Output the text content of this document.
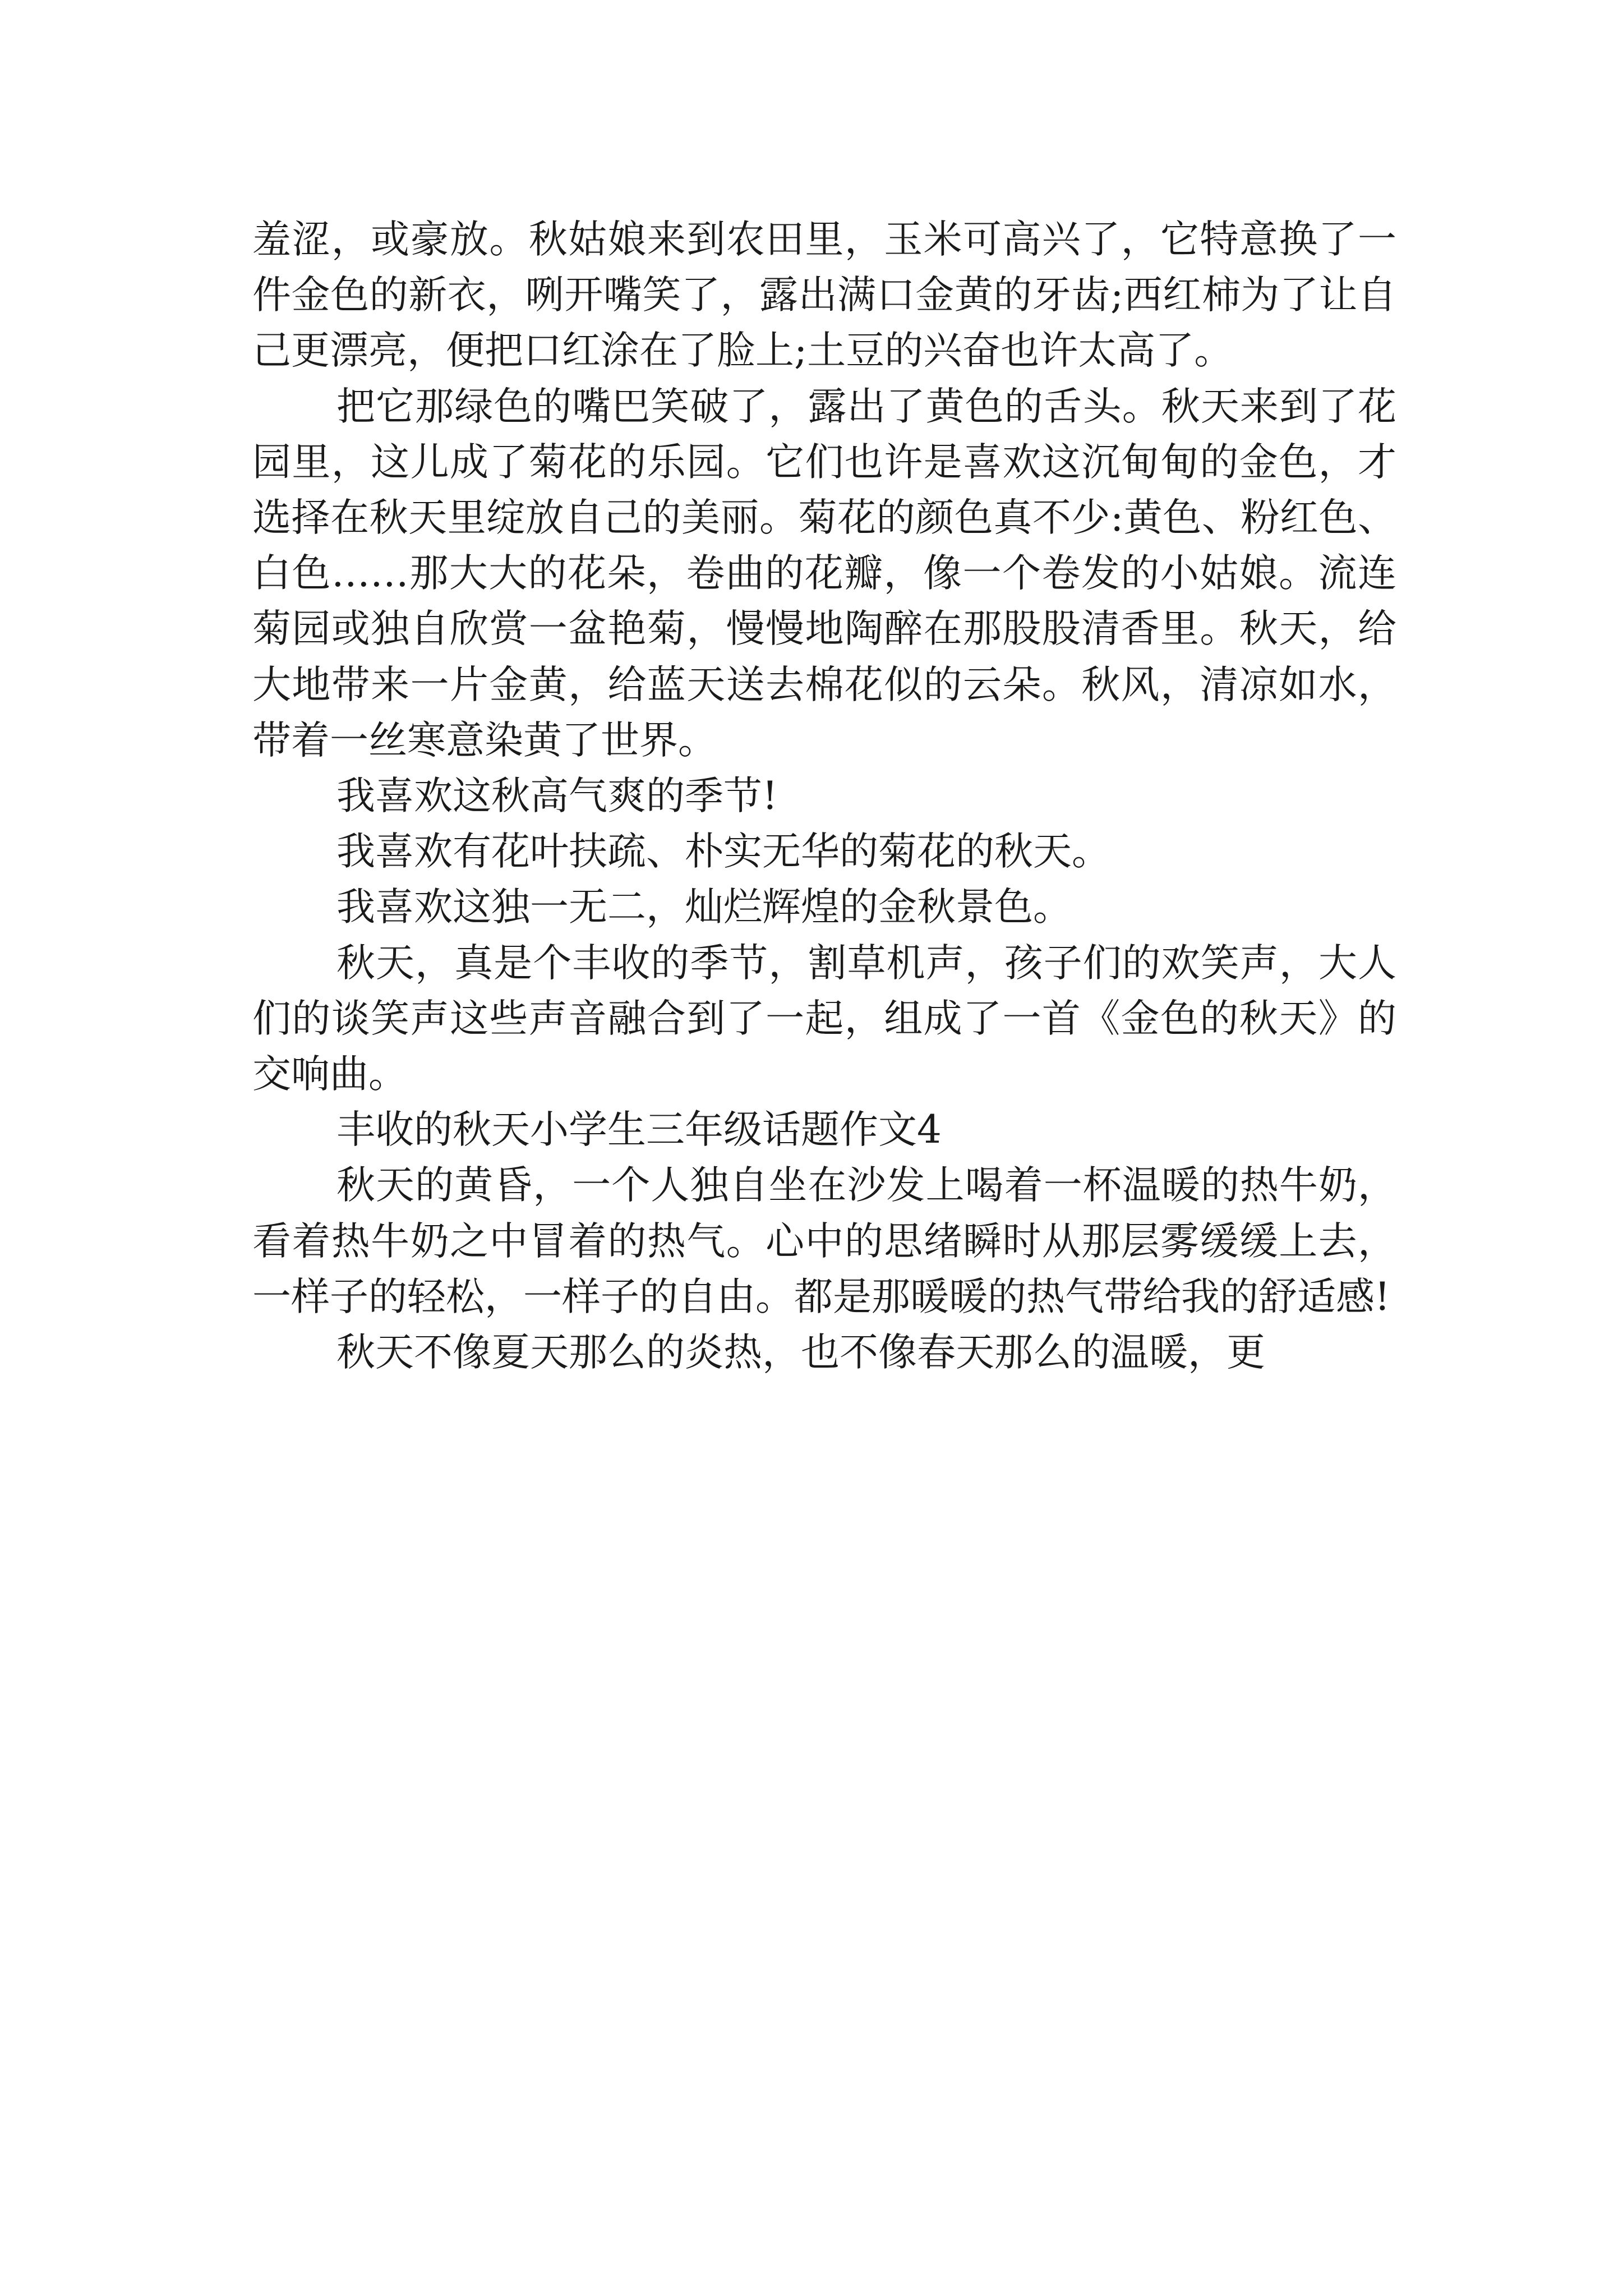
羞涩，或豪放。秋姑娘来到农田里，玉米可高兴了，它特意换了一件金色的新衣，咧开嘴笑了，露出满口金黄的牙齿;西红柿为了让自己更漂亮，便把口红涂在了脸上;土豆的兴奋也许太高了。

把它那绿色的嘴巴笑破了，露出了黄色的舌头。秋天来到了花园里，这儿成了菊花的乐园。它们也许是喜欢这沉甸甸的金色，才选择在秋天里绽放自己的美丽。菊花的颜色真不少:黄色、粉红色、白色……那大大的花朵，卷曲的花瓣，像一个卷发的小姑娘。流连菊园或独自欣赏一盆艳菊，慢慢地陶醉在那股股清香里。秋天，给大地带来一片金黄，给蓝天送去棉花似的云朵。秋风，清凉如水，带着一丝寒意染黄了世界。

我喜欢这秋高气爽的季节!

我喜欢有花叶扶疏、朴实无华的菊花的秋天。

我喜欢这独一无二，灿烂辉煌的金秋景色。

秋天，真是个丰收的季节，割草机声，孩子们的欢笑声，大人们的谈笑声这些声音融合到了一起，组成了一首《金色的秋天》的交响曲。

丰收的秋天小学生三年级话题作文4

秋天的黄昏，一个人独自坐在沙发上喝着一杯温暖的热牛奶，看着热牛奶之中冒着的热气。心中的思绪瞬时从那层雾缓缓上去，一样子的轻松，一样子的自由。都是那暖暖的热气带给我的舒适感!

秋天不像夏天那么的炎热，也不像春天那么的温暖，更
